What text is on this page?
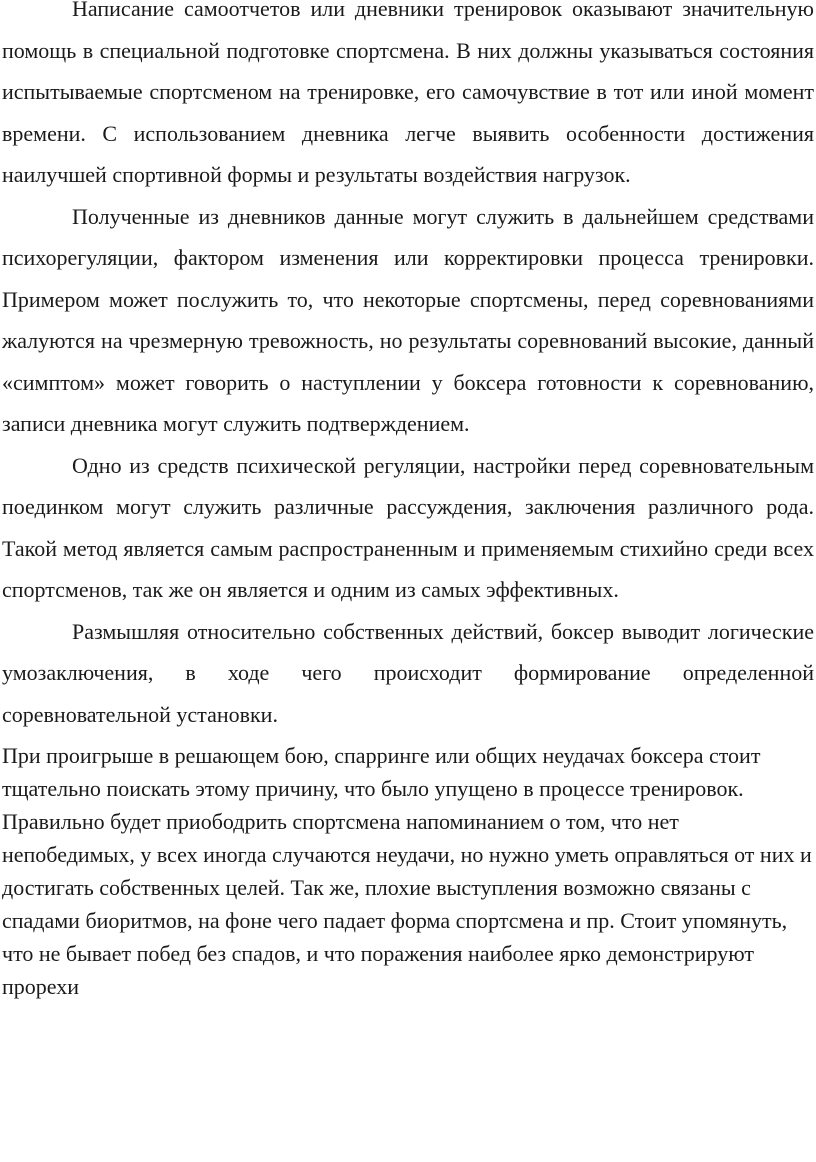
Написание самоотчетов или дневники тренировок оказывают значительную помощь в специальной подготовке спортсмена. В них должны указываться состояния испытываемые спортсменом на тренировке, его самочувствие в тот или иной момент времени. С использованием дневника легче выявить особенности достижения наилучшей спортивной формы и результаты воздействия нагрузок.

Полученные из дневников данные могут служить в дальнейшем средствами психорегуляции, фактором изменения или корректировки процесса тренировки. Примером может послужить то, что некоторые спортсмены, перед соревнованиями жалуются на чрезмерную тревожность, но результаты соревнований высокие, данный «симптом» может говорить о наступлении у боксера готовности к соревнованию, записи дневника могут служить подтверждением.

Одно из средств психической регуляции, настройки перед соревновательным поединком могут служить различные рассуждения, заключения различного рода. Такой метод является самым распространенным и применяемым стихийно среди всех спортсменов, так же он является и одним из самых эффективных.

Размышляя относительно собственных действий, боксер выводит логические умозаключения, в ходе чего происходит формирование определенной соревновательной установки.

При проигрыше в решающем бою, спарринге или общих неудачах боксера стоит тщательно поискать этому причину, что было упущено в процессе тренировок. Правильно будет приободрить спортсмена напоминанием о том, что нет непобедимых, у всех иногда случаются неудачи, но нужно уметь оправляться от них и достигать собственных целей. Так же, плохие выступления возможно связаны с спадами биоритмов, на фоне чего падает форма спортсмена и пр. Стоит упомянуть, что не бывает побед без спадов, и что поражения наиболее ярко демонстрируют прорехи
